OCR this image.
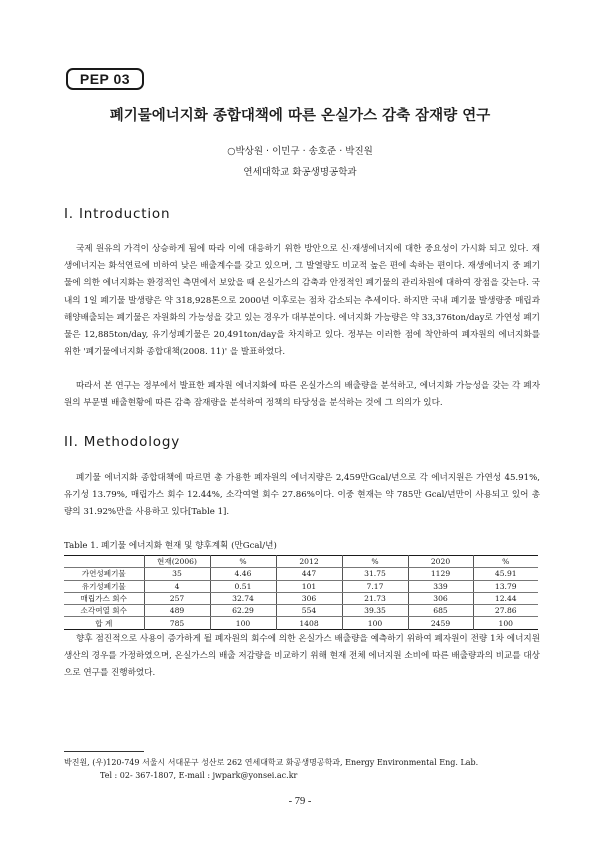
PEP 03
폐기물에너지화 종합대책에 따른 온실가스 감축 잠재량 연구
○박상원 · 이민구 · 송호준 · 박진원
연세대학교 화공생명공학과
I. Introduction

국제 원유의 가격이 상승하게 됨에 따라 이에 대응하기 위한 방안으로 신·재생에너지에 대한 중요성이 가시화 되고 있다. 재생에너지는 화석연료에 비하여 낮은 배출계수를 갖고 있으며, 그 발열량도 비교적 높은 편에 속하는 편이다. 재생에너지 중 폐기물에 의한 에너지화는 환경적인 측면에서 보았을 때 온실가스의 감축과 안정적인 폐기물의 관리차원에 대하여 장점을 갖는다. 국내의 1일 폐기물 발생량은 약 318,928톤으로 2000년 이후로는 점차 감소되는 추세이다. 하지만 국내 폐기물 발생량중 매립과 해양배출되는 폐기물은 자원화의 가능성을 갖고 있는 경우가 대부분이다. 에너지화 가능량은 약 33,376ton/day로 가연성 폐기물은 12,885ton/day, 유기성폐기물은 20,491ton/day을 차지하고 있다. 정부는 이러한 점에 착안하여 폐자원의 에너지화를 위한 '폐기물에너지화 종합대책(2008. 11)' 을 발표하였다.

따라서 본 연구는 정부에서 발표한 폐자원 에너지화에 따른 온실가스의 배출량을 분석하고, 에너지화 가능성을 갖는 각 폐자원의 부문별 배출현황에 따른 감축 잠재량을 분석하여 정책의 타당성을 분석하는 것에 그 의의가 있다.

II. Methodology

폐기물 에너지화 종합대책에 따르면 총 가용한 폐자원의 에너지량은 2,459만Gcal/년으로 각 에너지원은 가연성 45.91%, 유기성 13.79%, 매립가스 회수 12.44%, 소각여열 회수 27.86%이다. 이중 현재는 약 785만 Gcal/년만이 사용되고 있어 총량의 31.92%만을 사용하고 있다[Table 1].

Table 1. 폐기물 에너지화 현재 및 향후계획 (만Gcal/년)
	현재(2006)	%	2012	%	2020	%
가연성폐기물	35	4.46	447	31.75	1129	45.91
유기성폐기물	4	0.51	101	7.17	339	13.79
매립가스 회수	257	32.74	306	21.73	306	12.44
소각여열 회수	489	62.29	554	39.35	685	27.86
합 계	785	100	1408	100	2459	100

향후 점진적으로 사용이 증가하게 될 폐자원의 회수에 의한 온실가스 배출량을 예측하기 위하여 폐자원이 전량 1차 에너지원 생산의 경우를 가정하였으며, 온실가스의 배출 저감량을 비교하기 위해 현재 전체 에너지원 소비에 따른 배출량과의 비교를 대상으로 연구를 진행하였다.

박진원, (우)120-749 서울시 서대문구 성산로 262 연세대학교 화공생명공학과, Energy Environmental Eng. Lab.
Tel : 02- 367-1807, E-mail : jwpark@yonsei.ac.kr
- 79 -
